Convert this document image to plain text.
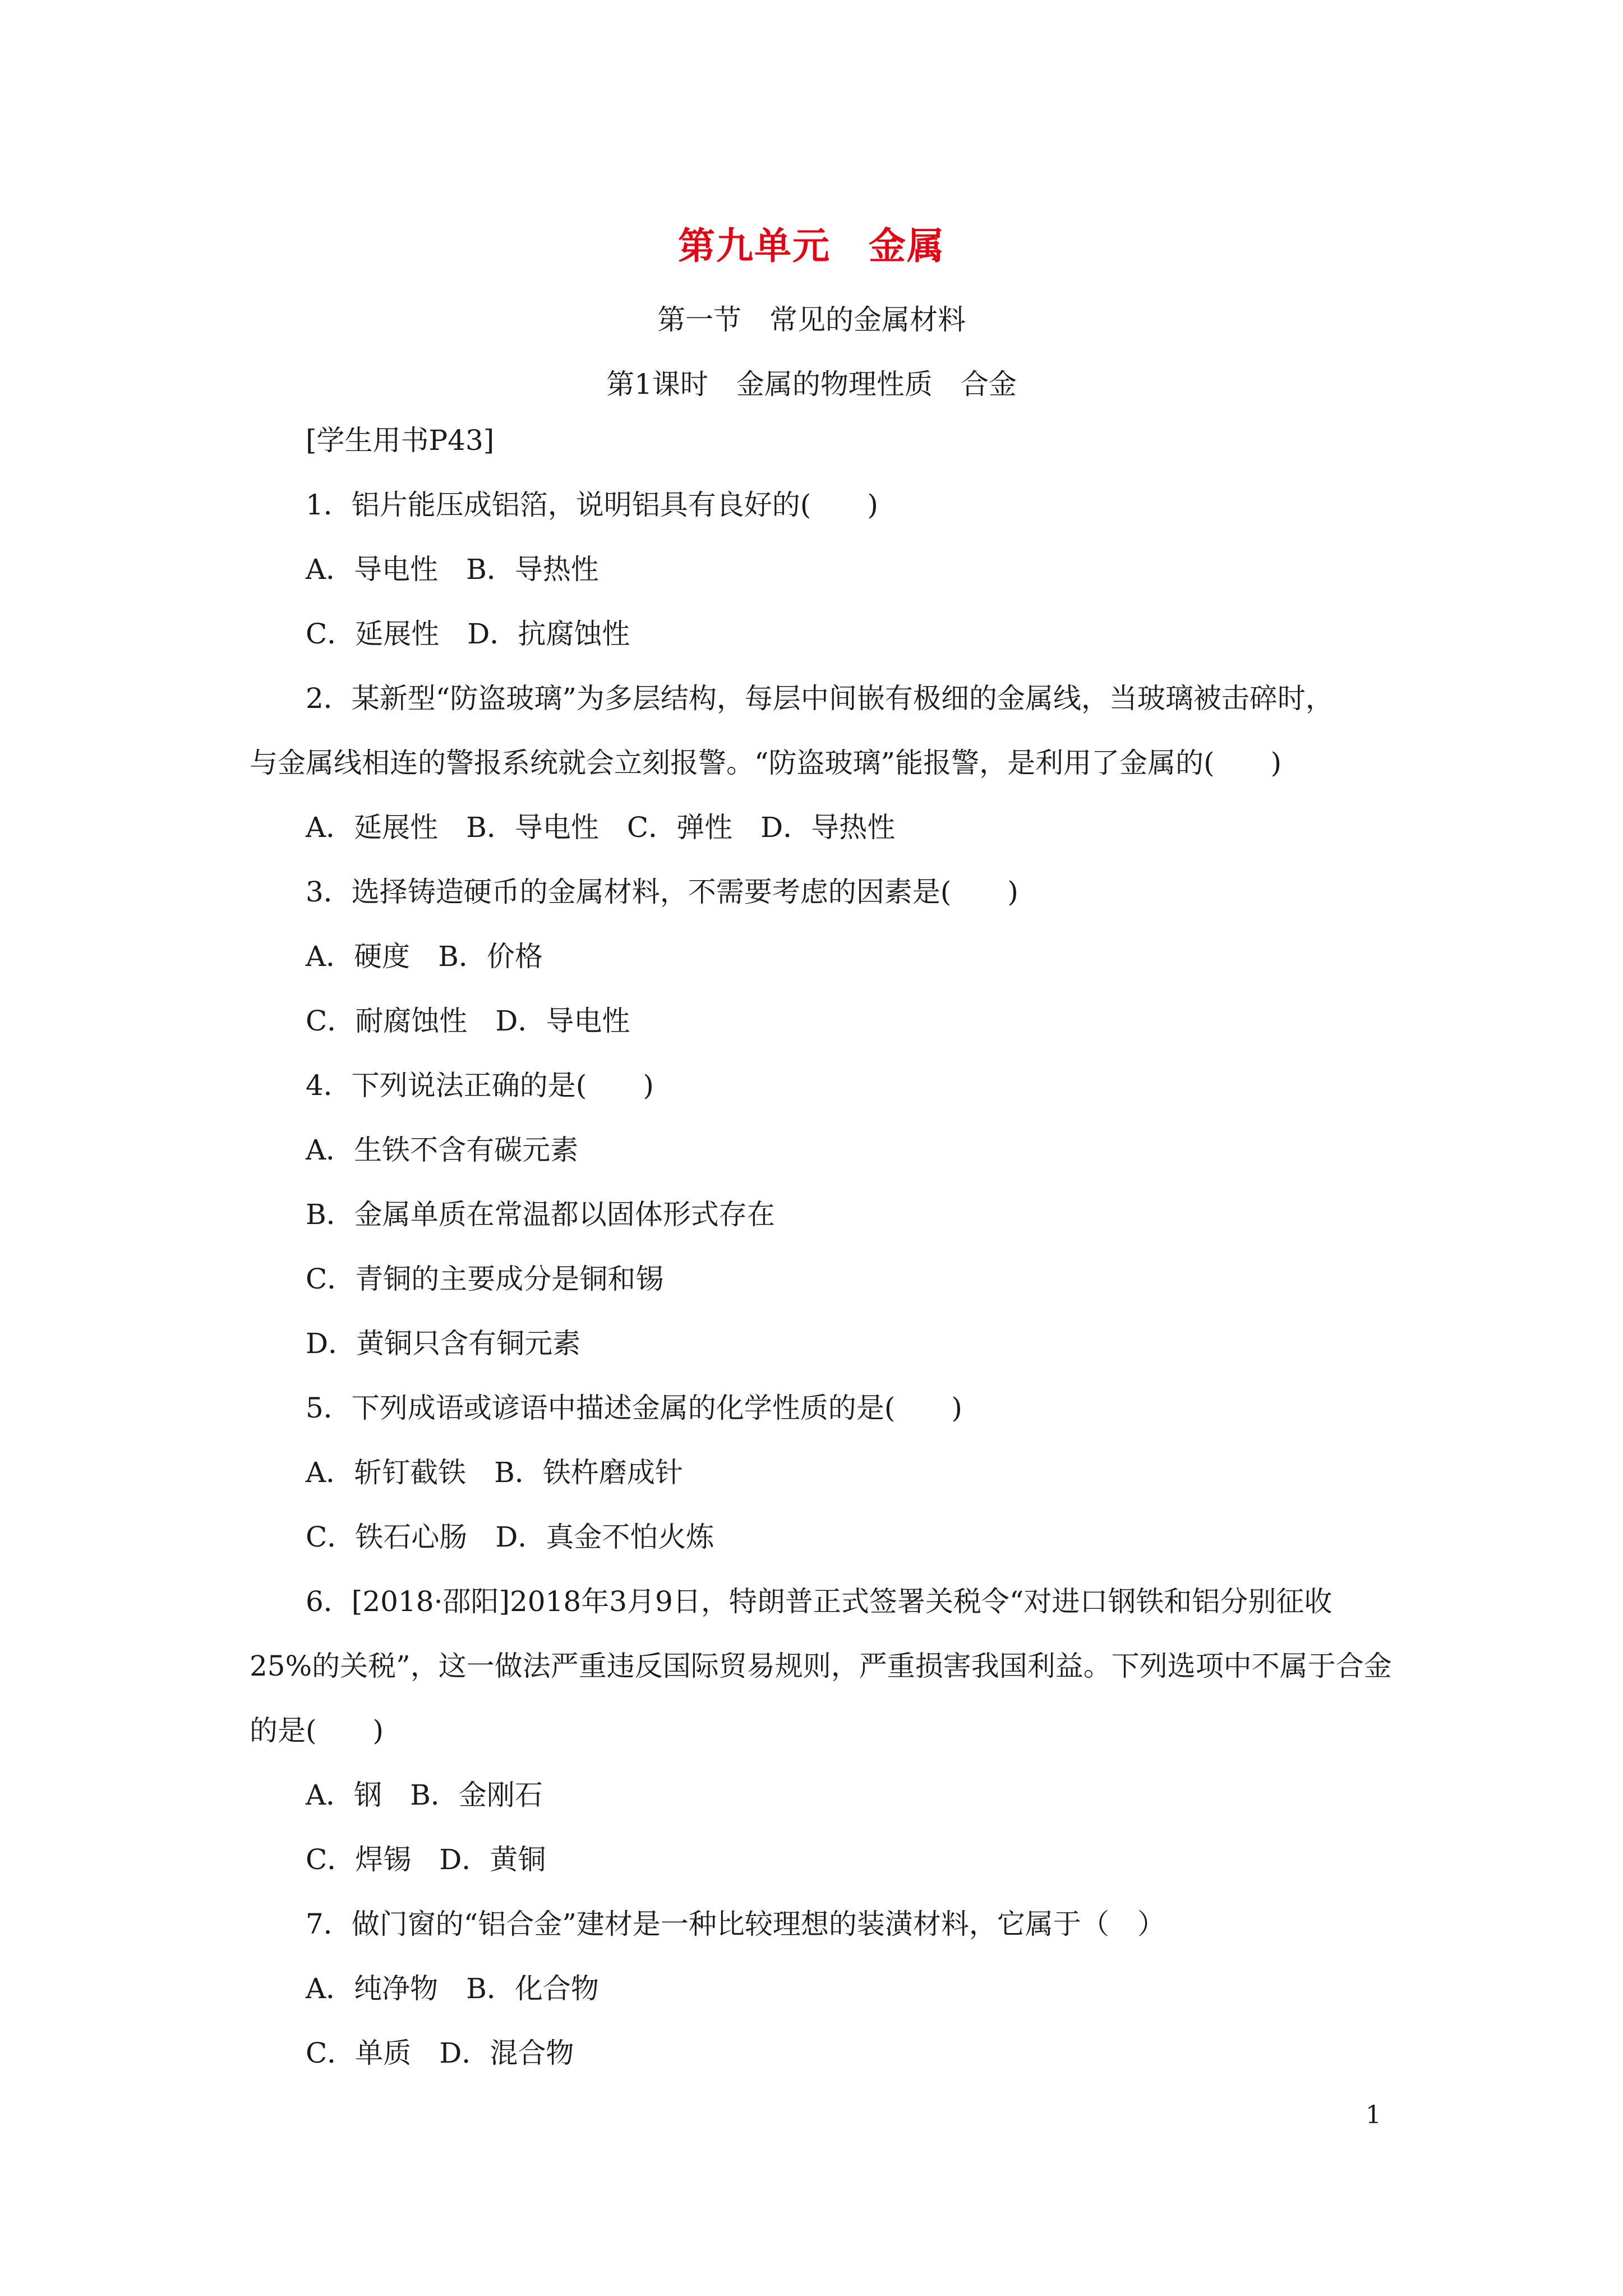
第九单元　金属
第一节　常见的金属材料
第1课时　金属的物理性质　合金
[学生用书P43]
1．铝片能压成铝箔，说明铝具有良好的(　　)
A．导电性　B．导热性
C．延展性　D．抗腐蚀性
2．某新型“防盗玻璃”为多层结构，每层中间嵌有极细的金属线，当玻璃被击碎时，
与金属线相连的警报系统就会立刻报警。“防盗玻璃”能报警，是利用了金属的(　　)
A．延展性　B．导电性　C．弹性　D．导热性
3．选择铸造硬币的金属材料，不需要考虑的因素是(　　)
A．硬度　B．价格
C．耐腐蚀性　D．导电性
4．下列说法正确的是(　　)
A．生铁不含有碳元素
B．金属单质在常温都以固体形式存在
C．青铜的主要成分是铜和锡
D．黄铜只含有铜元素
5．下列成语或谚语中描述金属的化学性质的是(　　)
A．斩钉截铁　B．铁杵磨成针
C．铁石心肠　D．真金不怕火炼
6．[2018·邵阳]2018年3月9日，特朗普正式签署关税令“对进口钢铁和铝分别征收
25%的关税”，这一做法严重违反国际贸易规则，严重损害我国利益。下列选项中不属于合金
的是(　　)
A．钢　B．金刚石
C．焊锡　D．黄铜
7．做门窗的“铝合金”建材是一种比较理想的装潢材料，它属于（　）
A．纯净物　B．化合物
C．单质　D．混合物
1
